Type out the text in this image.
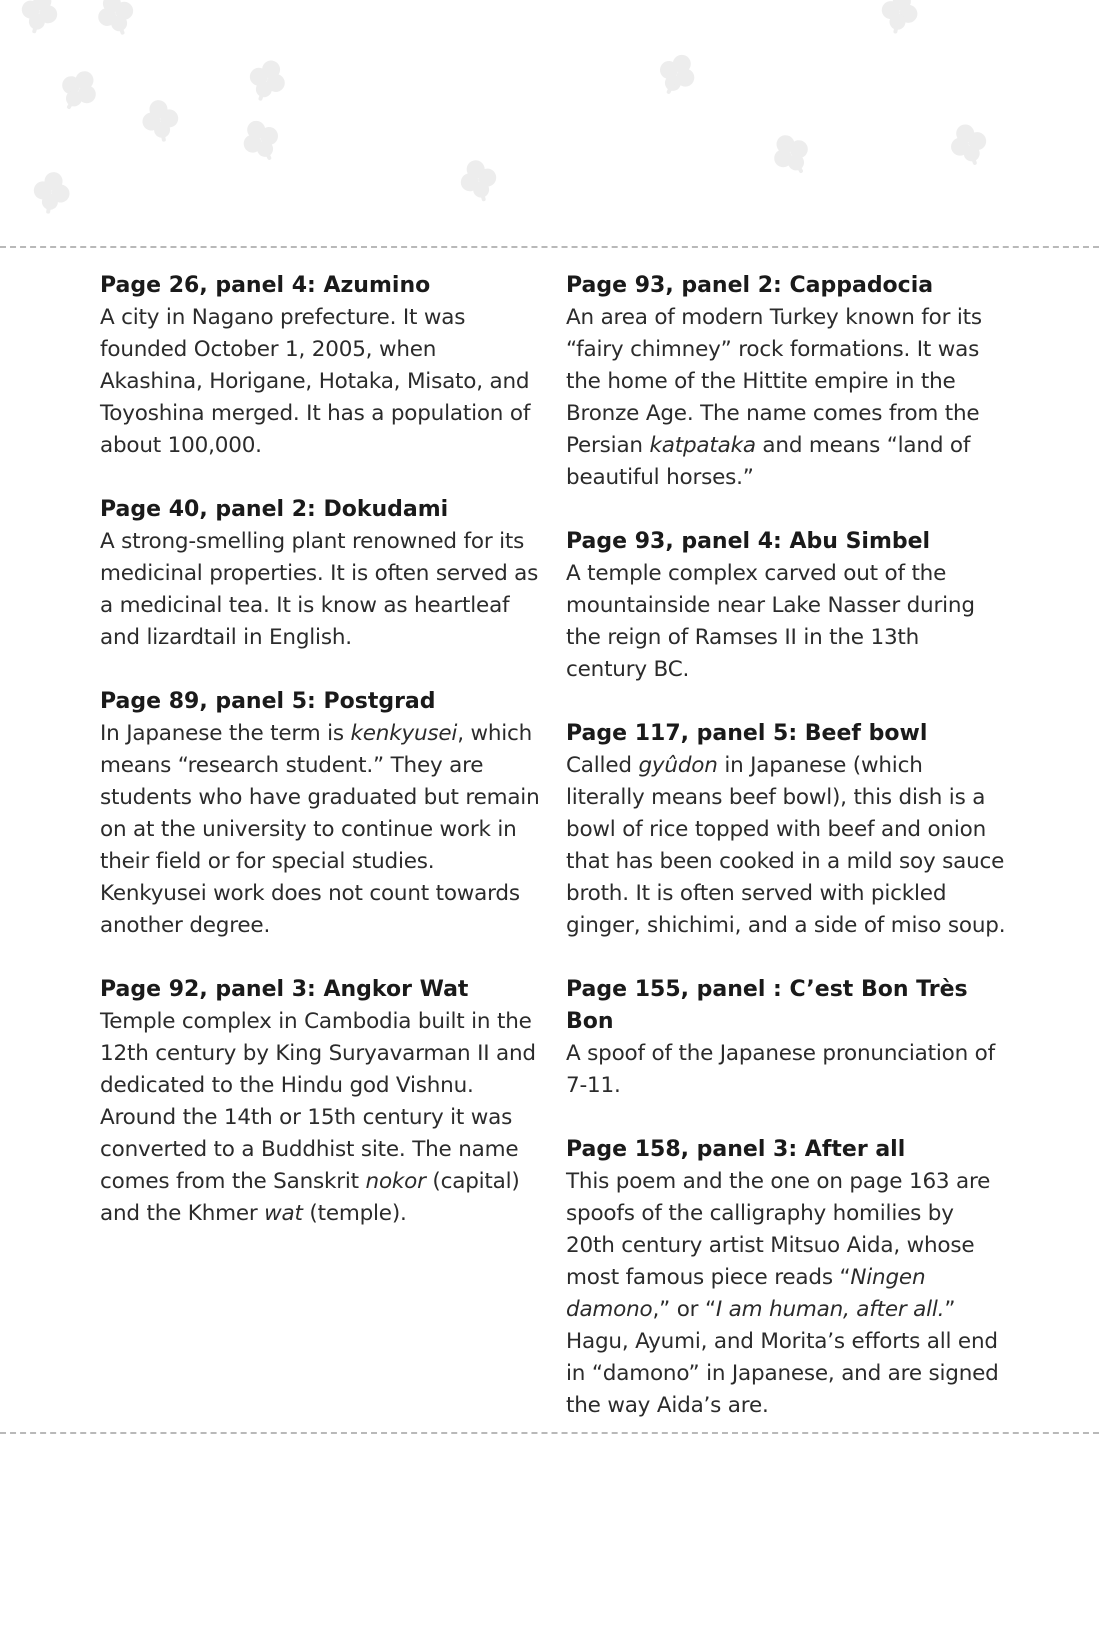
Page 26, panel 4: Azumino
A city in Nagano prefecture. It was founded October 1, 2005, when Akashina, Horigane, Hotaka, Misato, and Toyoshina merged. It has a population of about 100,000.
Page 40, panel 2: Dokudami
A strong-smelling plant renowned for its medicinal properties. It is often served as a medicinal tea. It is know as heartleaf and lizardtail in English.
Page 89, panel 5: Postgrad
In Japanese the term is kenkyusei, which means “research student.” They are students who have graduated but remain on at the university to continue work in their field or for special studies. Kenkyusei work does not count towards another degree.
Page 92, panel 3: Angkor Wat
Temple complex in Cambodia built in the 12th century by King Suryavarman II and dedicated to the Hindu god Vishnu. Around the 14th or 15th century it was converted to a Buddhist site. The name comes from the Sanskrit nokor (capital) and the Khmer wat (temple).
Page 93, panel 2: Cappadocia
An area of modern Turkey known for its “fairy chimney” rock formations. It was the home of the Hittite empire in the Bronze Age. The name comes from the Persian katpataka and means “land of beautiful horses.”
Page 93, panel 4: Abu Simbel
A temple complex carved out of the mountainside near Lake Nasser during the reign of Ramses II in the 13th century BC.
Page 117, panel 5: Beef bowl
Called gyûdon in Japanese (which literally means beef bowl), this dish is a bowl of rice topped with beef and onion that has been cooked in a mild soy sauce broth. It is often served with pickled ginger, shichimi, and a side of miso soup.
Page 155, panel : C’est Bon Très Bon
A spoof of the Japanese pronunciation of 7-11.
Page 158, panel 3: After all
This poem and the one on page 163 are spoofs of the calligraphy homilies by 20th century artist Mitsuo Aida, whose most famous piece reads “Ningen damono,” or “I am human, after all.” Hagu, Ayumi, and Morita’s efforts all end in “damono” in Japanese, and are signed the way Aida’s are.
